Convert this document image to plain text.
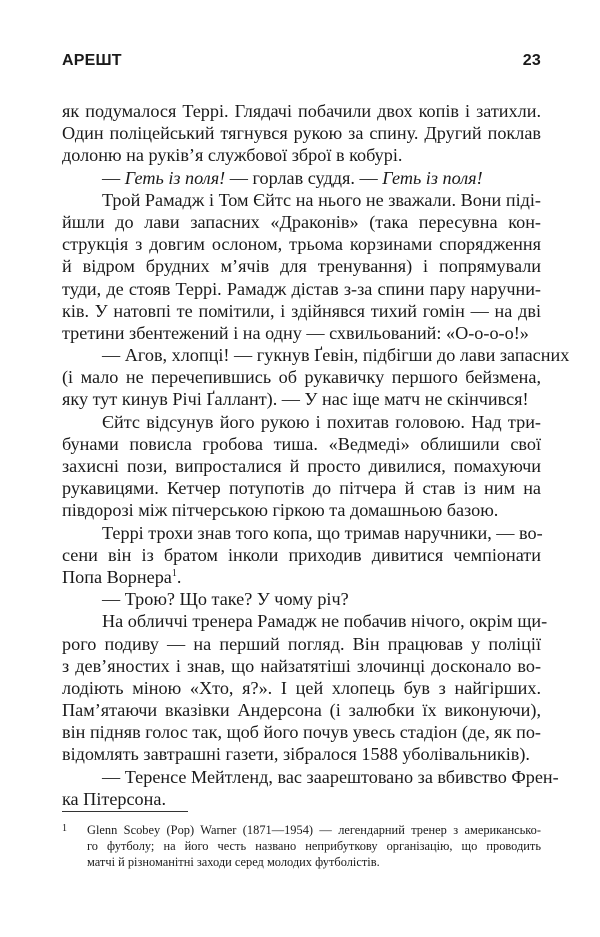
АРЕШТ	23
як подумалося Террі. Глядачі побачили двох копів і затихли.
Один поліцейський тягнувся рукою за спину. Другий поклав
долоню на руків’я службової зброї в кобурі.
— Геть із поля! — горлав суддя. — Геть із поля!
Трой Рамадж і Том Єйтс на нього не зважали. Вони піді-
йшли до лави запасних «Драконів» (така пересувна кон-
струкція з довгим ослоном, трьома корзинами спорядження
й відром брудних м’ячів для тренування) і попрямували
туди, де стояв Террі. Рамадж дістав з-за спини пару наручни-
ків. У натовпі те помітили, і здійнявся тихий гомін — на дві
третини збентежений і на одну — схвильований: «О-о-о-о!»
— Агов, хлопці! — гукнув Ґевін, підбігши до лави запасних
(і мало не перечепившись об рукавичку першого бейзмена,
яку тут кинув Річі Ґаллант). — У нас іще матч не скінчився!
Єйтс відсунув його рукою і похитав головою. Над три-
бунами повисла гробова тиша. «Ведмеді» облишили свої
захисні пози, випросталися й просто дивилися, помахуючи
рукавицями. Кетчер потупотів до пітчера й став із ним на
півдорозі між пітчерською гіркою та домашньою базою.
Террі трохи знав того копа, що тримав наручники, — во-
сени він із братом інколи приходив дивитися чемпіонати
Попа Ворнера$^1$.
— Трою? Що таке? У чому річ?
На обличчі тренера Рамадж не побачив нічого, окрім щи-
рого подиву — на перший погляд. Він працював у поліції
з дев’яностих і знав, що найзатятіші злочинці досконало во-
лодіють міною «Хто, я?». І цей хлопець був з найгірших.
Пам’ятаючи вказівки Андерсона (і залюбки їх виконуючи),
він підняв голос так, щоб його почув увесь стадіон (де, як по-
відомлять завтрашні газети, зібралося 1588 уболівальників).
— Теренсе Мейтленд, вас заарештовано за вбивство Френ-
ка Пітерсона.
1	Glenn Scobey (Pop) Warner (1871—1954) — легендарний тренер з американсько-
го футболу; на його честь названо неприбуткову організацію, що проводить
матчі й різноманітні заходи серед молодих футболістів.
